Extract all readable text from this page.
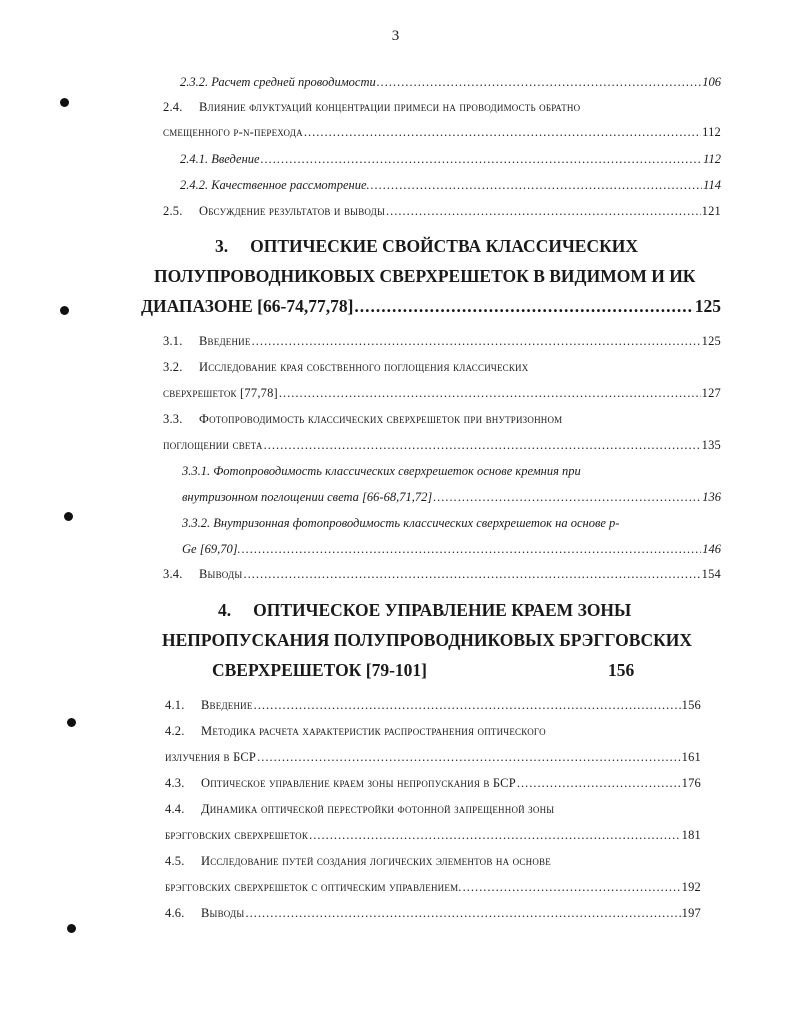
3
2.3.2. Расчет средней проводимости .....	106
2.4. Влияние флуктуаций концентрации примеси на проводимость обратно
смещенного p-n-перехода .....	112
2.4.1. Введение .....	112
2.4.2. Качественное рассмотрение. .....	114
2.5. Обсуждение результатов и выводы .....	121
3. ОПТИЧЕСКИЕ СВОЙСТВА КЛАССИЧЕСКИХ
ПОЛУПРОВОДНИКОВЫХ СВЕРХРЕШЕТОК В ВИДИМОМ И ИК
ДИАПАЗОНЕ [66-74,77,78] .....	125
3.1. Введение .....	125
3.2. Исследование края собственного поглощения классических
сверхрешеток [77,78] .....	127
3.3. Фотопроводимость классических сверхрешеток при внутризонном
поглощении света .....	135
3.3.1. Фотопроводимость классических сверхрешеток основе кремния при
внутризонном поглощении света [66-68,71,72] .....	136
3.3.2. Внутризонная фотопроводимость классических сверхрешеток на основе p-
Ge [69,70]. .....	146
3.4. Выводы .....	154
4. ОПТИЧЕСКОЕ УПРАВЛЕНИЕ КРАЕМ ЗОНЫ
НЕПРОПУСКАНИЯ ПОЛУПРОВОДНИКОВЫХ БРЭГГОВСКИХ
СВЕРХРЕШЕТОК [79-101]	156
4.1. Введение .....	156
4.2. Методика расчета характеристик распространения оптического
излучения в БСР .....	161
4.3. Оптическое управление краем зоны непропускания в БСР .....	176
4.4. Динамика оптической перестройки фотонной запрещенной зоны
брэгговских сверхрешеток .....	181
4.5. Исследование путей создания логических элементов на основе
брэгговских сверхрешеток с оптическим управлением. .....	192
4.6. Выводы .....	197
